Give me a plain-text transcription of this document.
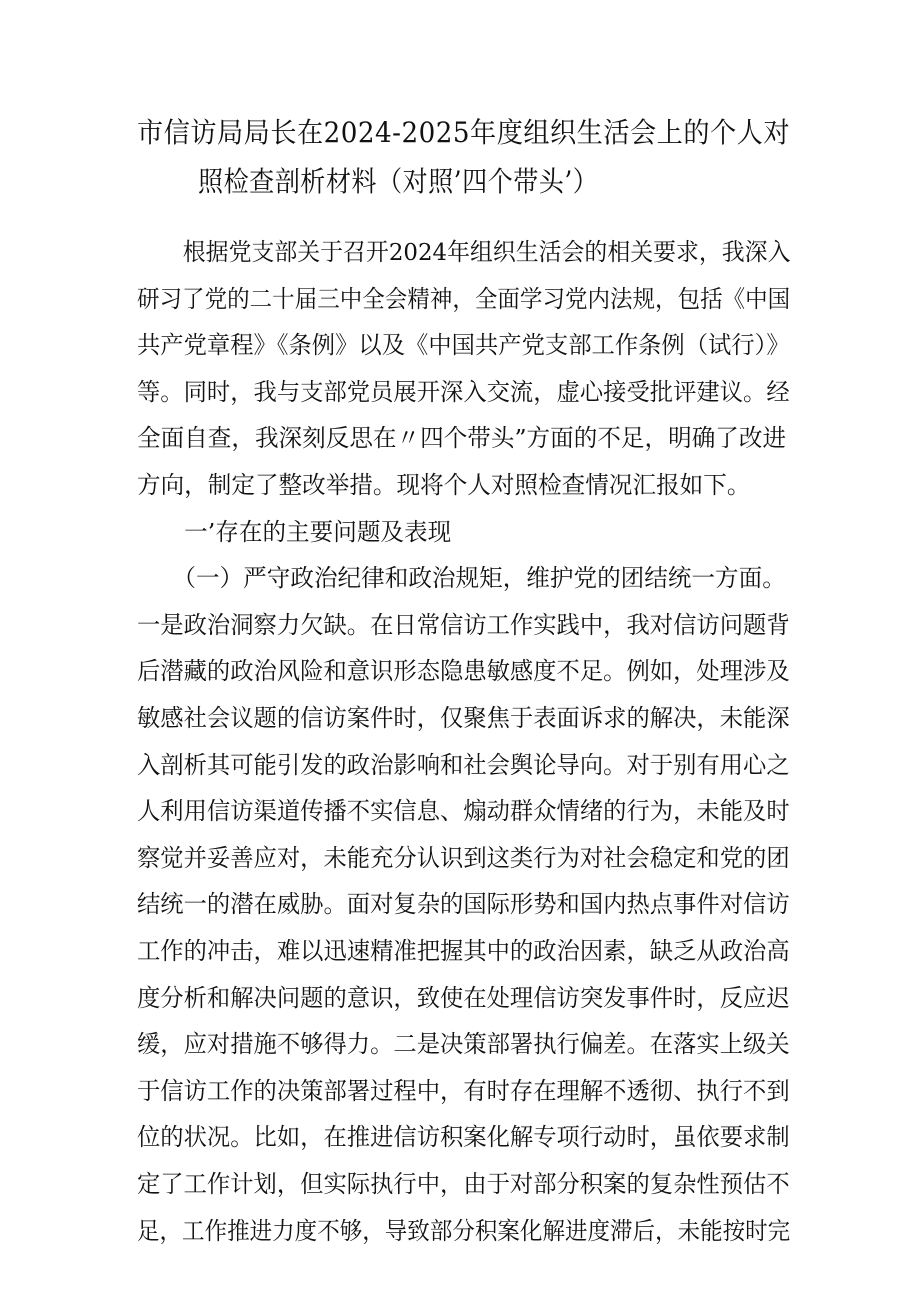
市信访局局长在2024-2025年度组织生活会上的个人对
照检查剖析材料（对照’四个带头’）
　　根据党支部关于召开2024年组织生活会的相关要求，我深入
研习了党的二十届三中全会精神，全面学习党内法规，包括《中国
共产党章程》《条例》以及《中国共产党支部工作条例（试行）》
等。同时，我与支部党员展开深入交流，虚心接受批评建议。经
全面自查，我深刻反思在〃四个带头”方面的不足，明确了改进
方向，制定了整改举措。现将个人对照检查情况汇报如下。
　　一’存在的主要问题及表现
　　（一）严守政治纪律和政治规矩，维护党的团结统一方面。
一是政治洞察力欠缺。在日常信访工作实践中，我对信访问题背
后潜藏的政治风险和意识形态隐患敏感度不足。例如，处理涉及
敏感社会议题的信访案件时，仅聚焦于表面诉求的解决，未能深
入剖析其可能引发的政治影响和社会舆论导向。对于别有用心之
人利用信访渠道传播不实信息、煽动群众情绪的行为，未能及时
察觉并妥善应对，未能充分认识到这类行为对社会稳定和党的团
结统一的潜在威胁。面对复杂的国际形势和国内热点事件对信访
工作的冲击，难以迅速精准把握其中的政治因素，缺乏从政治高
度分析和解决问题的意识，致使在处理信访突发事件时，反应迟
缓，应对措施不够得力。二是决策部署执行偏差。在落实上级关
于信访工作的决策部署过程中，有时存在理解不透彻、执行不到
位的状况。比如，在推进信访积案化解专项行动时，虽依要求制
定了工作计划，但实际执行中，由于对部分积案的复杂性预估不
足，工作推进力度不够，导致部分积案化解进度滞后，未能按时完
